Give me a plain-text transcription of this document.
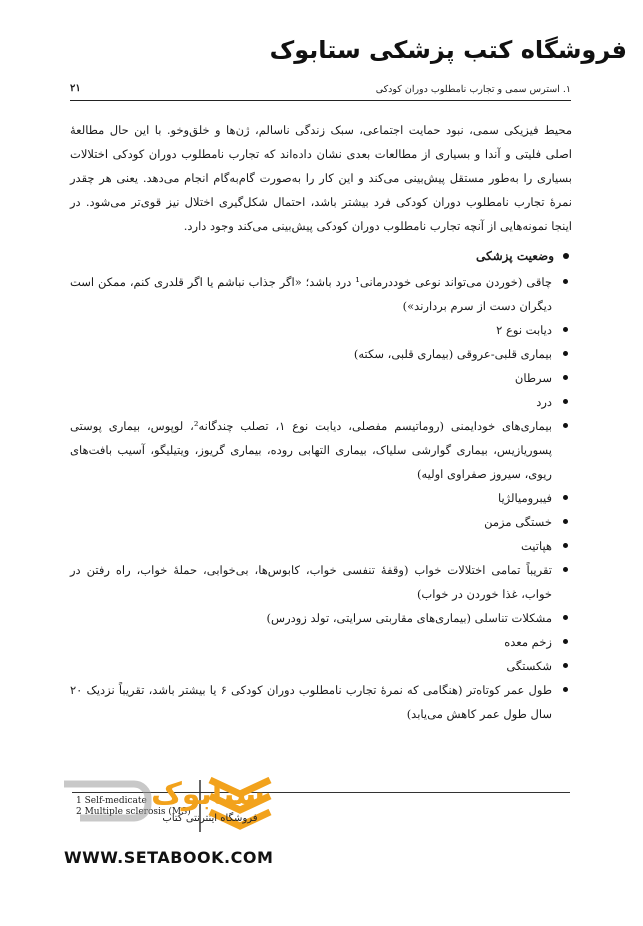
فروشگاه کتب پزشکی ستابوک
۱. استرس سمی و تجارب نامطلوب دوران کودکی
۲۱

محیط فیزیکی سمی، نبود حمایت اجتماعی، سبک زندگی ناسالم، ژن‌ها و خلق‌وخو. با این حال مطالعهٔ اصلی فلیتی و آندا و بسیاری از مطالعات بعدی نشان داده‌اند که تجارب نامطلوب دوران کودکی اختلالات بسیاری را به‌طور مستقل پیش‌بینی می‌کند و این کار را به‌صورت گام‌به‌گام انجام می‌دهد. یعنی هر چقدر نمرهٔ تجارب نامطلوب دوران کودکی فرد بیشتر باشد، احتمال شکل‌گیری اختلال نیز قوی‌تر می‌شود. در اینجا نمونه‌هایی از آنچه تجارب نامطلوب دوران کودکی پیش‌بینی می‌کند وجود دارد.

وضعیت پزشکی
چاقی (خوردن می‌تواند نوعی خوددرمانی¹ درد باشد؛ «اگر جذاب نباشم یا اگر قلدری کنم، ممکن است دیگران دست از سرم بردارند»)
دیابت نوع ۲
بیماری قلبی-عروقی (بیماری قلبی، سکته)
سرطان
درد
بیماری‌های خودایمنی (روماتیسم مفصلی، دیابت نوع ۱، تصلب چندگانه²، لوپوس، بیماری پوستی پسوریازیس، بیماری گوارشی سلیاک، بیماری التهابی روده، بیماری گریوز، ویتیلیگو، آسیب بافت‌های ریوی، سیروز صفراوی اولیه)
فیبرومیالژیا
خستگی مزمن
هپاتیت
تقریباً تمامی اختلالات خواب (وقفهٔ تنفسی خواب، کابوس‌ها، بی‌خوابی، حملهٔ خواب، راه رفتن در خواب، غذا خوردن در خواب)
مشکلات تناسلی (بیماری‌های مقاربتی سرایتی، تولد زودرس)
زخم معده
شکستگی
طول عمر کوتاه‌تر (هنگامی که نمرهٔ تجارب نامطلوب دوران کودکی ۶ یا بیشتر باشد، تقریباً نزدیک ۲۰ سال طول عمر کاهش می‌یابد)
1 Self-medicate
2 Multiple sclerosis (MS)
ستابوک
فروشگاه اینترنتی کتاب
WWW.SETABOOK.COM
